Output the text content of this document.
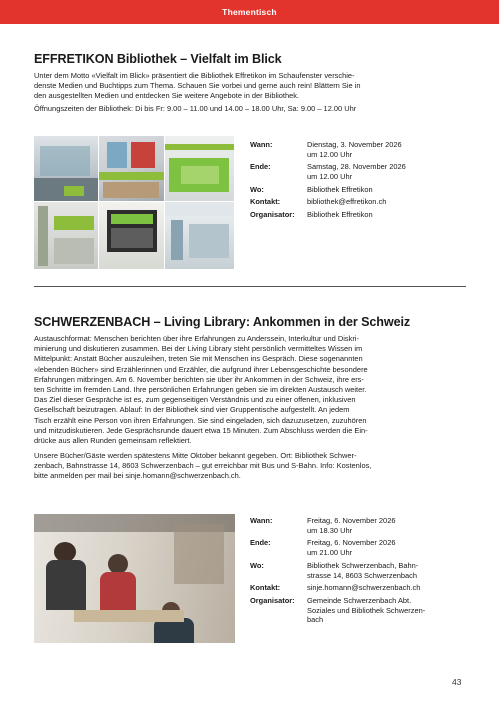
Thementisch
EFFRETIKON Bibliothek – Vielfalt im Blick
Unter dem Motto «Vielfalt im Blick» präsentiert die Bibliothek Effretikon im Schaufenster verschie-
denste Medien und Buchtipps zum Thema. Schauen Sie vorbei und gerne auch rein! Blättern Sie in
den ausgestellten Medien und entdecken Sie weitere Angebote in der Bibliothek.
Öffnungszeiten der Bibliothek: Di bis Fr: 9.00 – 11.00 und 14.00 – 18.00 Uhr, Sa: 9.00 – 12.00 Uhr
Wann:	Dienstag, 3. November 2026
um 12.00 Uhr

Ende:	Samstag, 28. November 2026
um 12.00 Uhr

Wo:	Bibliothek Effretikon
Kontakt:	bibliothek@effretikon.ch
Organisator:	Bibliothek Effretikon
SCHWERZENBACH – Living Library: Ankommen in der Schweiz
Austauschformat: Menschen berichten über ihre Erfahrungen zu Anderssein, Interkultur und Diskri-
minierung und diskutieren zusammen. Bei der Living Library steht persönlich vermitteltes Wissen im
Mittelpunkt: Anstatt Bücher auszuleihen, treten Sie mit Menschen ins Gespräch. Diese sogenannten
«lebenden Bücher» sind Erzählerinnen und Erzähler, die aufgrund ihrer Lebensgeschichte besondere
Erfahrungen mitbringen. Am 6. November berichten sie über ihr Ankommen in der Schweiz, ihre ers-
ten Schritte im fremden Land. Ihre persönlichen Erfahrungen geben sie im direkten Austausch weiter.
Das Ziel dieser Gespräche ist es, zum gegenseitigen Verständnis und zu einer offenen, inklusiven
Gesellschaft beizutragen. Ablauf: In der Bibliothek sind vier Gruppentische aufgestellt. An jedem
Tisch erzählt eine Person von ihren Erfahrungen. Sie sind eingeladen, sich dazuzusetzen, zuzuhören
und mitzudiskutieren. Jede Gesprächsrunde dauert etwa 15 Minuten. Zum Abschluss werden die Ein-
drücke aus allen Runden gemeinsam reflektiert.
Unsere Bücher/Gäste werden spätestens Mitte Oktober bekannt gegeben. Ort: Bibliothek Schwer-
zenbach, Bahnstrasse 14, 8603 Schwerzenbach – gut erreichbar mit Bus und S-Bahn. Info: Kostenlos,
bitte anmelden per mail bei sinje.homann@schwerzenbach.ch.
Wann:	Freitag, 6. November 2026
um 18.30 Uhr

Ende:	Freitag, 6. November 2026
um 21.00 Uhr

Wo:	Bibliothek Schwerzenbach, Bahn-
strasse 14, 8603 Schwerzenbach

Kontakt:	sinje.homann@schwerzenbach.ch
Organisator:	Gemeinde Schwerzenbach Abt.
Soziales und Bibliothek Schwerzen-
bach
43
